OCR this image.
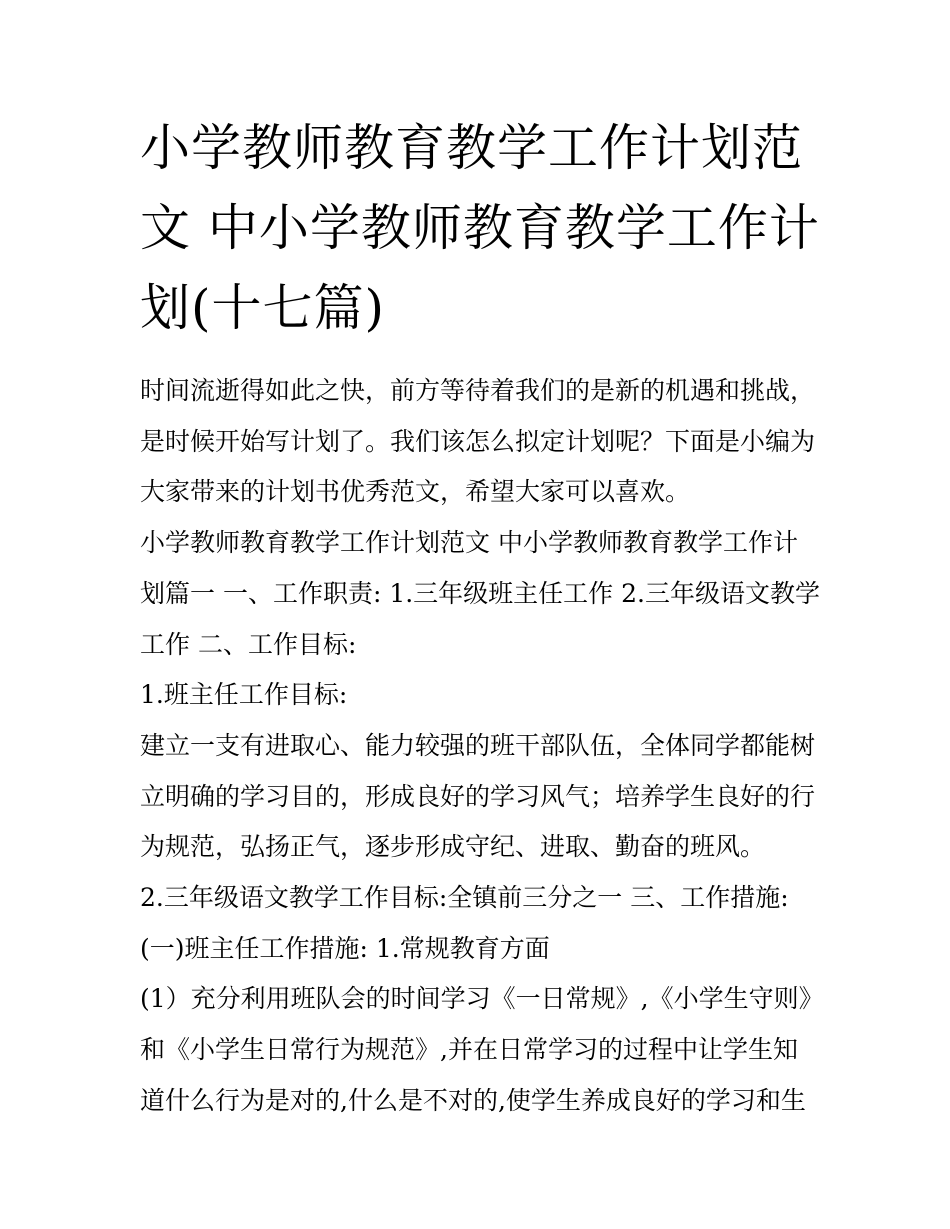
小学教师教育教学工作计划范
文 中小学教师教育教学工作计
划(十七篇)

时间流逝得如此之快，前方等待着我们的是新的机遇和挑战，

是时候开始写计划了。我们该怎么拟定计划呢？下面是小编为

大家带来的计划书优秀范文，希望大家可以喜欢。

小学教师教育教学工作计划范文 中小学教师教育教学工作计

划篇一 一、工作职责: 1.三年级班主任工作 2.三年级语文教学

工作 二、工作目标:

1.班主任工作目标:

建立一支有进取心、能力较强的班干部队伍，全体同学都能树

立明确的学习目的，形成良好的学习风气；培养学生良好的行

为规范，弘扬正气，逐步形成守纪、进取、勤奋的班风。

2.三年级语文教学工作目标:全镇前三分之一 三、工作措施:

(一)班主任工作措施: 1.常规教育方面

(1）充分利用班队会的时间学习《一日常规》,《小学生守则》

和《小学生日常行为规范》,并在日常学习的过程中让学生知

道什么行为是对的,什么是不对的,使学生养成良好的学习和生
